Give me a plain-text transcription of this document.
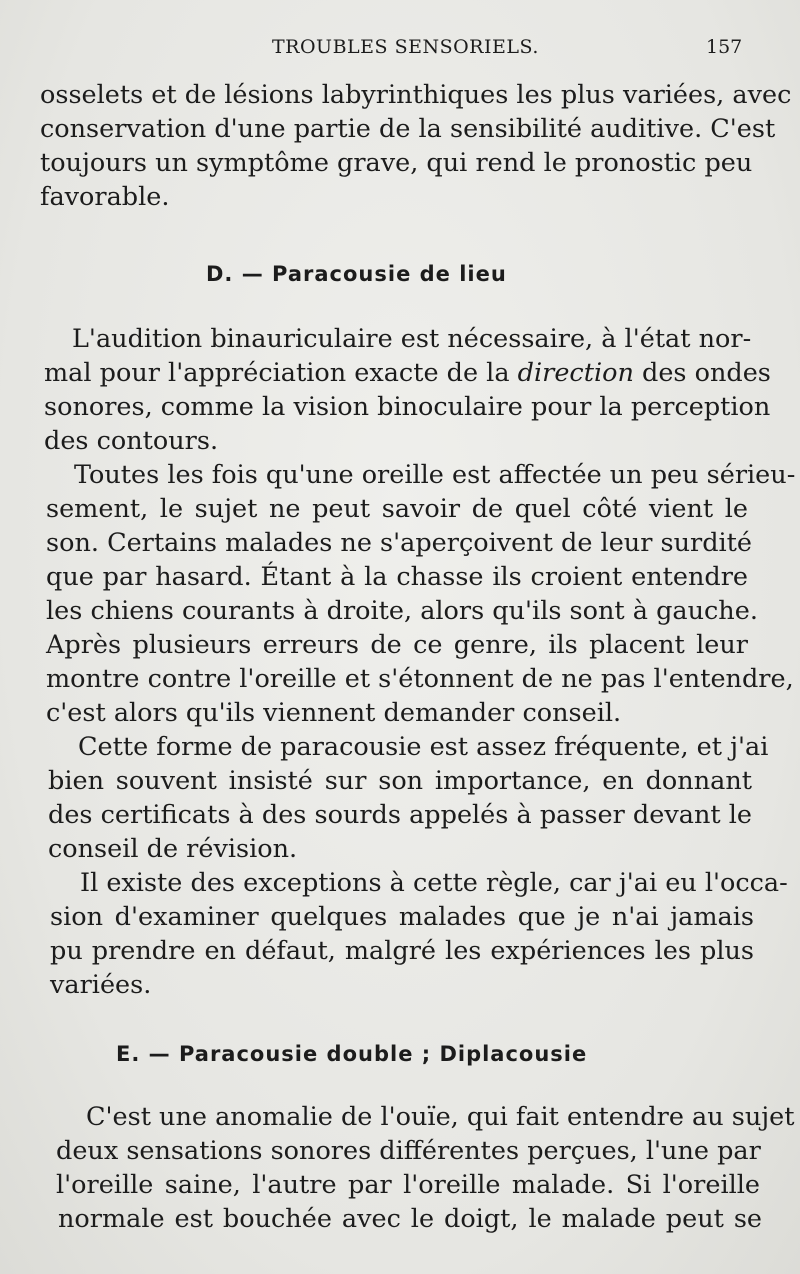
TROUBLES SENSORIELS.	157
osselets et de lésions labyrinthiques les plus variées, avec
conservation d'une partie de la sensibilité auditive. C'est
toujours un symptôme grave, qui rend le pronostic peu
favorable.
D. — Paracousie de lieu
L'audition binauriculaire est nécessaire, à l'état nor-
mal pour l'appréciation exacte de la direction des ondes
sonores, comme la vision binoculaire pour la perception
des contours.
Toutes les fois qu'une oreille est affectée un peu sérieu-
sement, le sujet ne peut savoir de quel côté vient le
son. Certains malades ne s'aperçoivent de leur surdité
que par hasard. Étant à la chasse ils croient entendre
les chiens courants à droite, alors qu'ils sont à gauche.
Après plusieurs erreurs de ce genre, ils placent leur
montre contre l'oreille et s'étonnent de ne pas l'entendre,
c'est alors qu'ils viennent demander conseil.
Cette forme de paracousie est assez fréquente, et j'ai
bien souvent insisté sur son importance, en donnant
des certificats à des sourds appelés à passer devant le
conseil de révision.
Il existe des exceptions à cette règle, car j'ai eu l'occa-
sion d'examiner quelques malades que je n'ai jamais
pu prendre en défaut, malgré les expériences les plus
variées.
E. — Paracousie double ; Diplacousie
C'est une anomalie de l'ouïe, qui fait entendre au sujet
deux sensations sonores différentes perçues, l'une par
l'oreille saine, l'autre par l'oreille malade. Si l'oreille
normale est bouchée avec le doigt, le malade peut se
